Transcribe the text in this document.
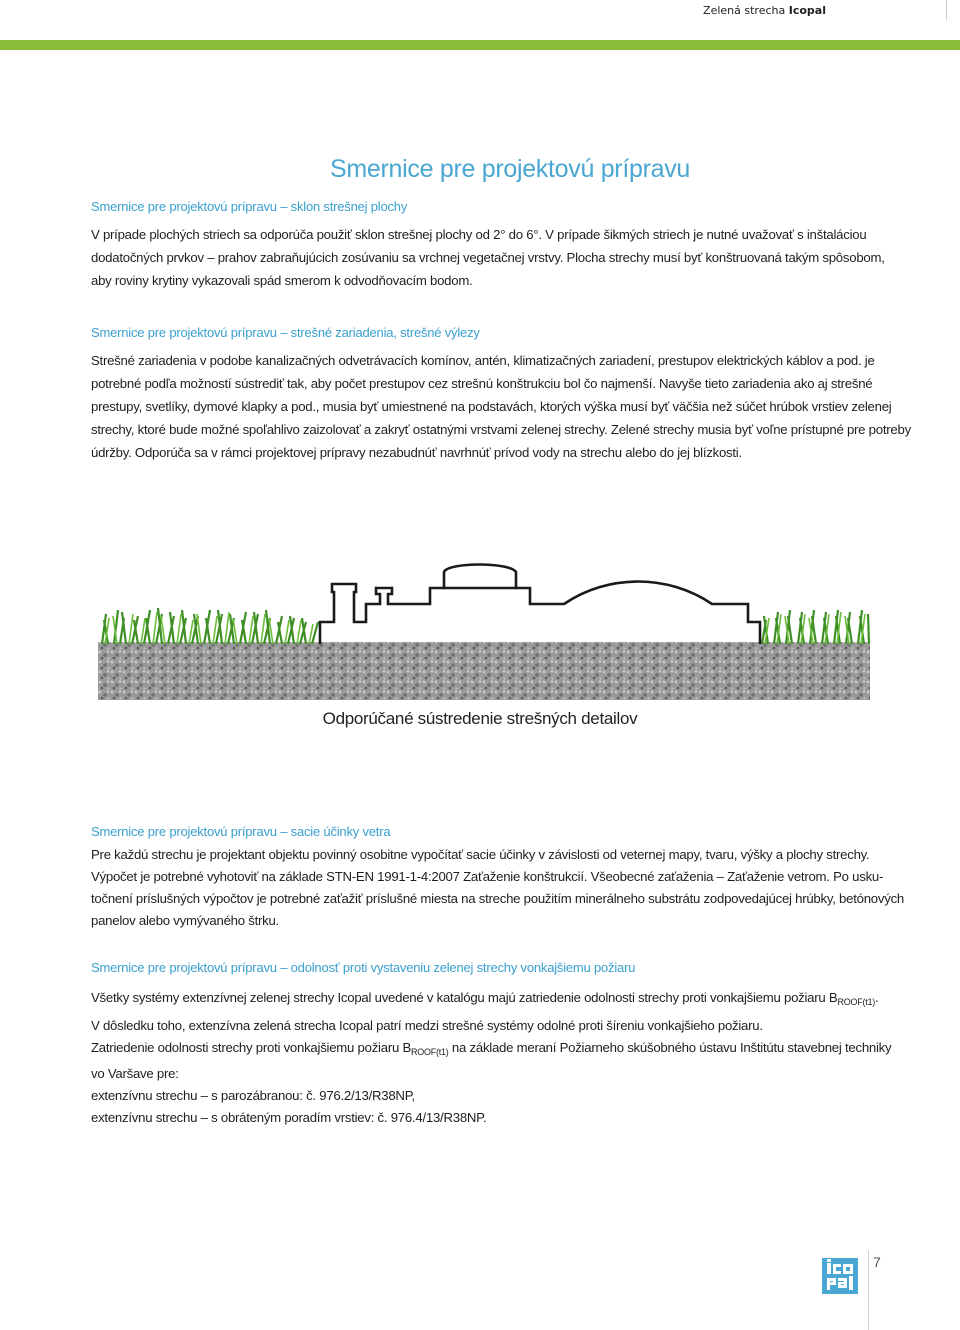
Zelená strecha Icopal
Smernice pre projektovú prípravu
Smernice pre projektovú prípravu – sklon strešnej plochy

V prípade plochých striech sa odporúča použiť sklon strešnej plochy od 2° do 6°. V prípade šikmých striech je nutné uvažovať s inštaláciou
dodatočných prvkov – prahov zabraňujúcich zosúvaniu sa vrchnej vegetačnej vrstvy. Plocha strechy musí byť konštruovaná takým spôsobom,
aby roviny krytiny vykazovali spád smerom k odvodňovacím bodom.

Smernice pre projektovú prípravu – strešné zariadenia, strešné výlezy

Strešné zariadenia v podobe kanalizačných odvetrávacích komínov, antén, klimatizačných zariadení, prestupov elektrických káblov a pod. je
potrebné podľa možností sústrediť tak, aby počet prestupov cez strešnú konštrukciu bol čo najmenší. Navyše tieto zariadenia ako aj strešné
prestupy, svetlíky, dymové klapky a pod., musia byť umiestnené na podstavách, ktorých výška musí byť väčšia než súčet hrúbok vrstiev zelenej
strechy, ktoré bude možné spoľahlivo zaizolovať a zakryť ostatnými vrstvami zelenej strechy. Zelené strechy musia byť voľne prístupné pre potreby
údržby. Odporúča sa v rámci projektovej prípravy nezabudnúť navrhnúť prívod vody na strechu alebo do jej blízkosti.

Odporúčané sústredenie strešných detailov
Smernice pre projektovú prípravu – sacie účinky vetra

Pre každú strechu je projektant objektu povinný osobitne vypočítať sacie účinky v závislosti od veternej mapy, tvaru, výšky a plochy strechy.
Výpočet je potrebné vyhotoviť na základe STN-EN 1991-1-4:2007 Zaťaženie konštrukcií. Všeobecné zaťaženia – Zaťaženie vetrom. Po usku-
točnení príslušných výpočtov je potrebné zaťažiť príslušné miesta na streche použitím minerálneho substrátu zodpovedajúcej hrúbky, betónových
panelov alebo vymývaného štrku.

Smernice pre projektovú prípravu – odolnosť proti vystaveniu zelenej strechy vonkajšiemu požiaru

Všetky systémy extenzívnej zelenej strechy Icopal uvedené v katalógu majú zatriedenie odolnosti strechy proti vonkajšiemu požiaru $B_{ROOF(t1)}$.
V dôsledku toho, extenzívna zelená strecha Icopal patrí medzi strešné systémy odolné proti šíreniu vonkajšieho požiaru.

Zatriedenie odolnosti strechy proti vonkajšiemu požiaru $B_{ROOF(t1)}$ na základe meraní Požiarneho skúšobného ústavu Inštitútu stavebnej techniky
vo Varšave pre:
extenzívnu strechu – s parozábranou: č. 976.2/13/R38NP,
extenzívnu strechu – s obráteným poradím vrstiev: č. 976.4/13/R38NP.

7
